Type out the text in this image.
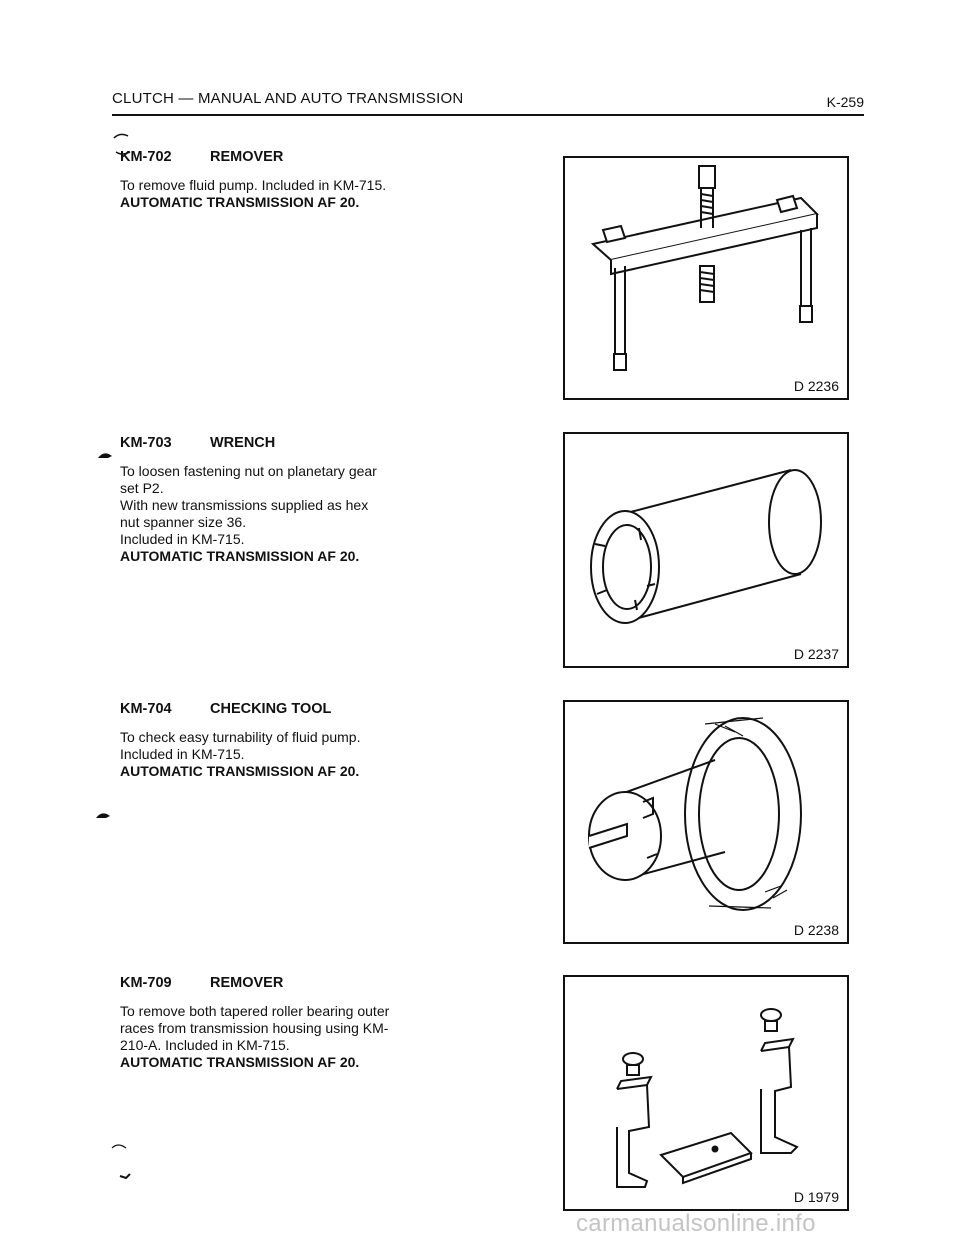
CLUTCH — MANUAL AND AUTO TRANSMISSION	K-259
KM-702	REMOVER
To remove fluid pump. Included in KM-715.
AUTOMATIC TRANSMISSION AF 20.
KM-703	WRENCH
To loosen fastening nut on planetary gear
set P2.
With new transmissions supplied as hex
nut spanner size 36.
Included in KM-715.
AUTOMATIC TRANSMISSION AF 20.
KM-704	CHECKING TOOL
To check easy turnability of fluid pump.
Included in KM-715.
AUTOMATIC TRANSMISSION AF 20.
KM-709	REMOVER
To remove both tapered roller bearing outer
races from transmission housing using KM-
210-A. Included in KM-715.
AUTOMATIC TRANSMISSION AF 20.
D 2236
D 2237
D 2238
D 1979
carmanualsonline.info
